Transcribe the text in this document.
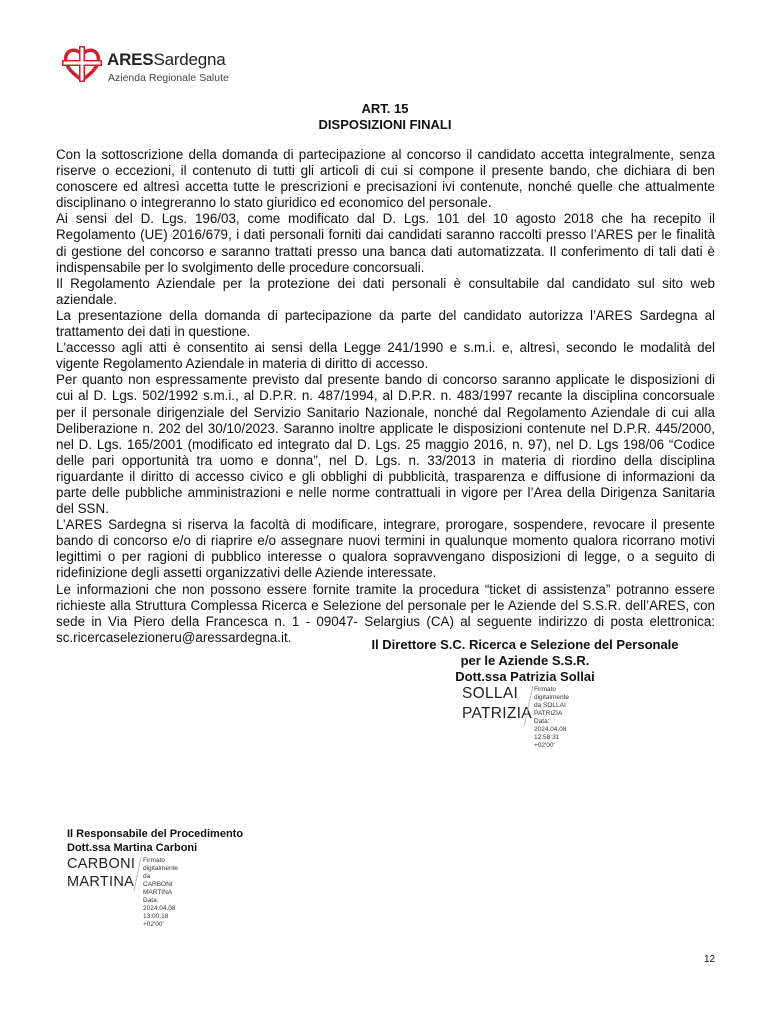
ARESSardegna
Azienda Regionale Salute
ART. 15
DISPOSIZIONI FINALI

Con la sottoscrizione della domanda di partecipazione al concorso il candidato accetta integralmente, senza riserve o eccezioni, il contenuto di tutti gli articoli di cui si compone il presente bando, che dichiara di ben conoscere ed altresì accetta tutte le prescrizioni e precisazioni ivi contenute, nonché quelle che attualmente disciplinano o integreranno lo stato giuridico ed economico del personale.

Ai sensi del D. Lgs. 196/03, come modificato dal D. Lgs. 101 del 10 agosto 2018 che ha recepito il Regolamento (UE) 2016/679, i dati personali forniti dai candidati saranno raccolti presso l’ARES per le finalità di gestione del concorso e saranno trattati presso una banca dati automatizzata. Il conferimento di tali dati è indispensabile per lo svolgimento delle procedure concorsuali.

Il Regolamento Aziendale per la protezione dei dati personali è consultabile dal candidato sul sito web aziendale.

La presentazione della domanda di partecipazione da parte del candidato autorizza l’ARES Sardegna al trattamento dei dati in questione.

L'accesso agli atti è consentito ai sensi della Legge 241/1990 e s.m.i. e, altresì, secondo le modalità del vigente Regolamento Aziendale in materia di diritto di accesso.

Per quanto non espressamente previsto dal presente bando di concorso saranno applicate le disposizioni di cui al D. Lgs. 502/1992 s.m.i., al D.P.R. n. 487/1994, al D.P.R. n. 483/1997 recante la disciplina concorsuale per il personale dirigenziale del Servizio Sanitario Nazionale, nonché dal Regolamento Aziendale di cui alla Deliberazione n. 202 del 30/10/2023. Saranno inoltre applicate le disposizioni contenute nel D.P.R. 445/2000, nel D. Lgs. 165/2001 (modificato ed integrato dal D. Lgs. 25 maggio 2016, n. 97), nel D. Lgs 198/06 “Codice delle pari opportunità tra uomo e donna”, nel D. Lgs. n. 33/2013 in materia di riordino della disciplina riguardante il diritto di accesso civico e gli obblighi di pubblicità, trasparenza e diffusione di informazioni da parte delle pubbliche amministrazioni e nelle norme contrattuali in vigore per l’Area della Dirigenza Sanitaria del SSN.

L’ARES Sardegna si riserva la facoltà di modificare, integrare, prorogare, sospendere, revocare il presente bando di concorso e/o di riaprire e/o assegnare nuovi termini in qualunque momento qualora ricorrano motivi legittimi o per ragioni di pubblico interesse o qualora sopravvengano disposizioni di legge, o a seguito di ridefinizione degli assetti organizzativi delle Aziende interessate.

Le informazioni che non possono essere fornite tramite la procedura “ticket di assistenza” potranno essere richieste alla Struttura Complessa Ricerca e Selezione del personale per le Aziende del S.S.R. dell’ARES, con sede in Via Piero della Francesca n. 1 - 09047- Selargius (CA) al seguente indirizzo di posta elettronica: sc.ricercaselezioneru@aressardegna.it.	Il Direttore S.C. Ricerca e Selezione del Personale
per le Aziende S.S.R.
Dott.ssa Patrizia Sollai
SOLLAI
PATRIZIA
Firmato digitalmente
da SOLLAI PATRIZIA
Data: 2024.04.08
12:58:31 +02'00'
Il Responsabile del Procedimento
Dott.ssa Martina Carboni
CARBONI
MARTINA
Firmato digitalmente
da CARBONI MARTINA
Data: 2024.04.08
13:00:18 +02'00'
12
